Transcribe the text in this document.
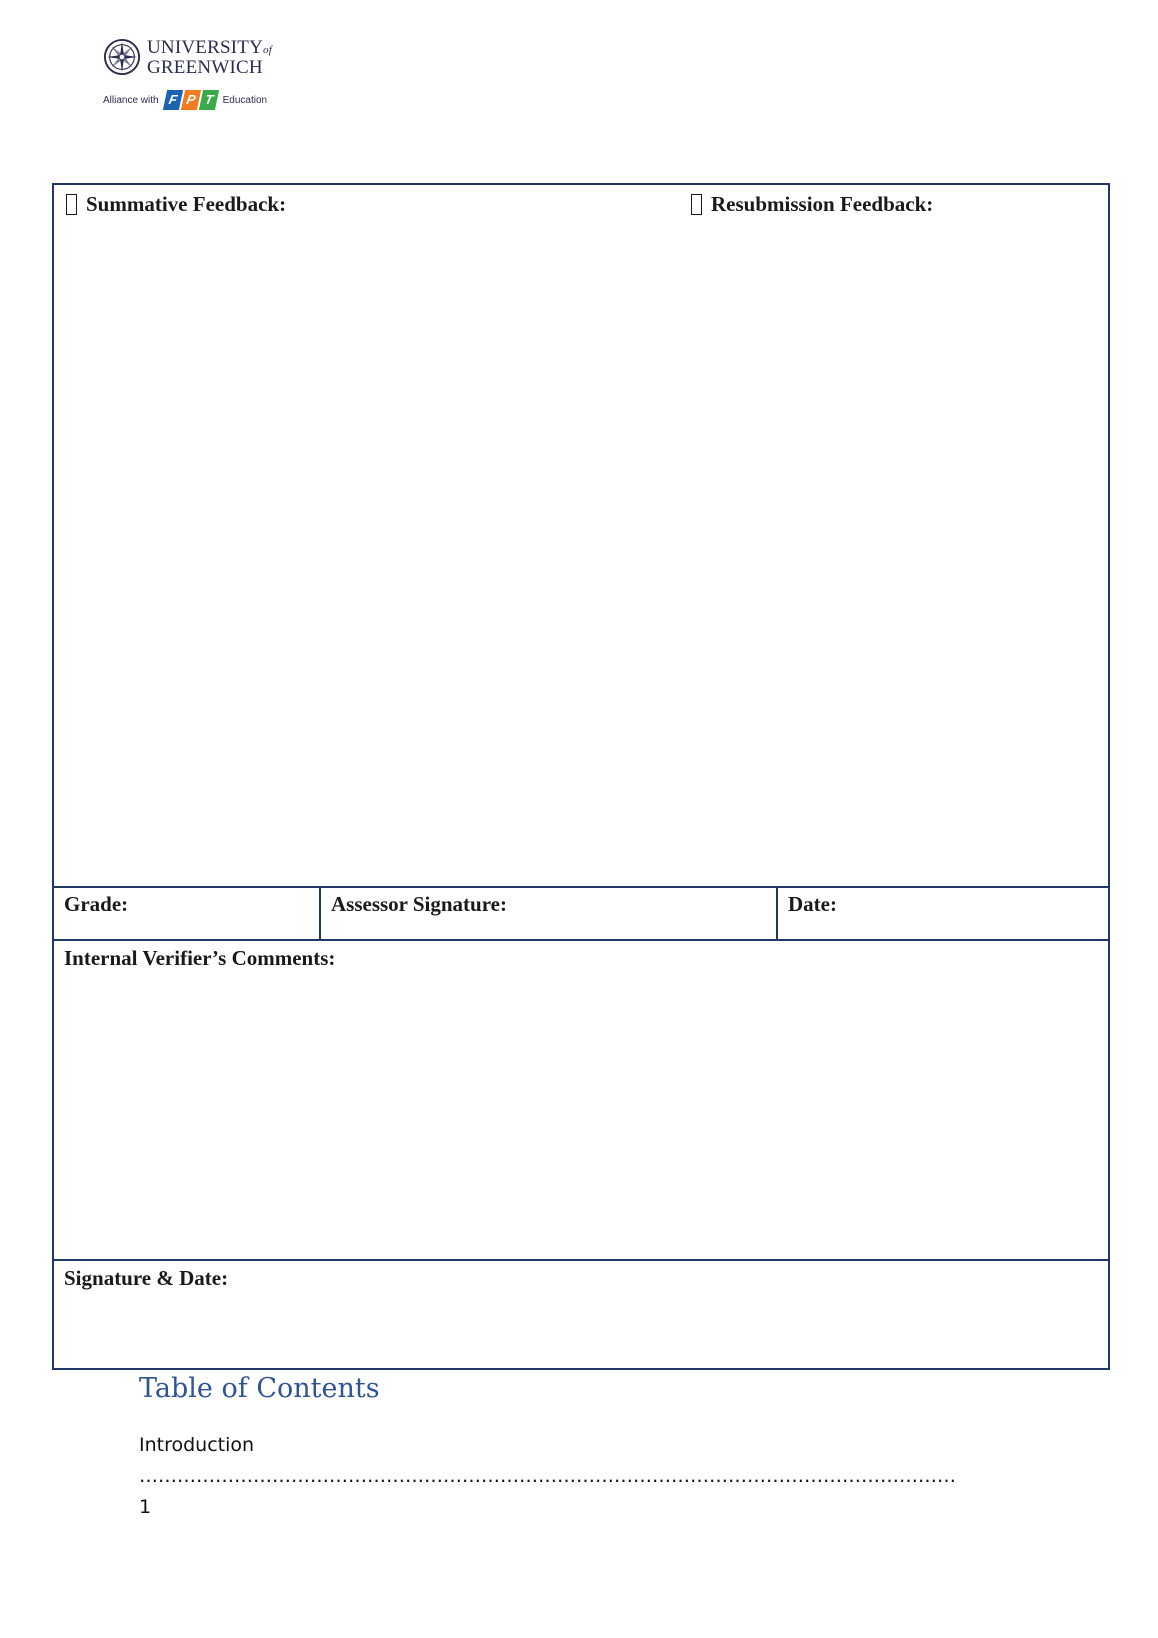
UNIVERSITYof
GREENWICH
Alliance with F P T Education
Summative Feedback:	Resubmission Feedback:
Grade:	Assessor Signature:	Date:
Internal Verifier’s Comments:
Signature & Date:
Table of Contents
Introduction …………………………………………………………………………………………………………………
1
